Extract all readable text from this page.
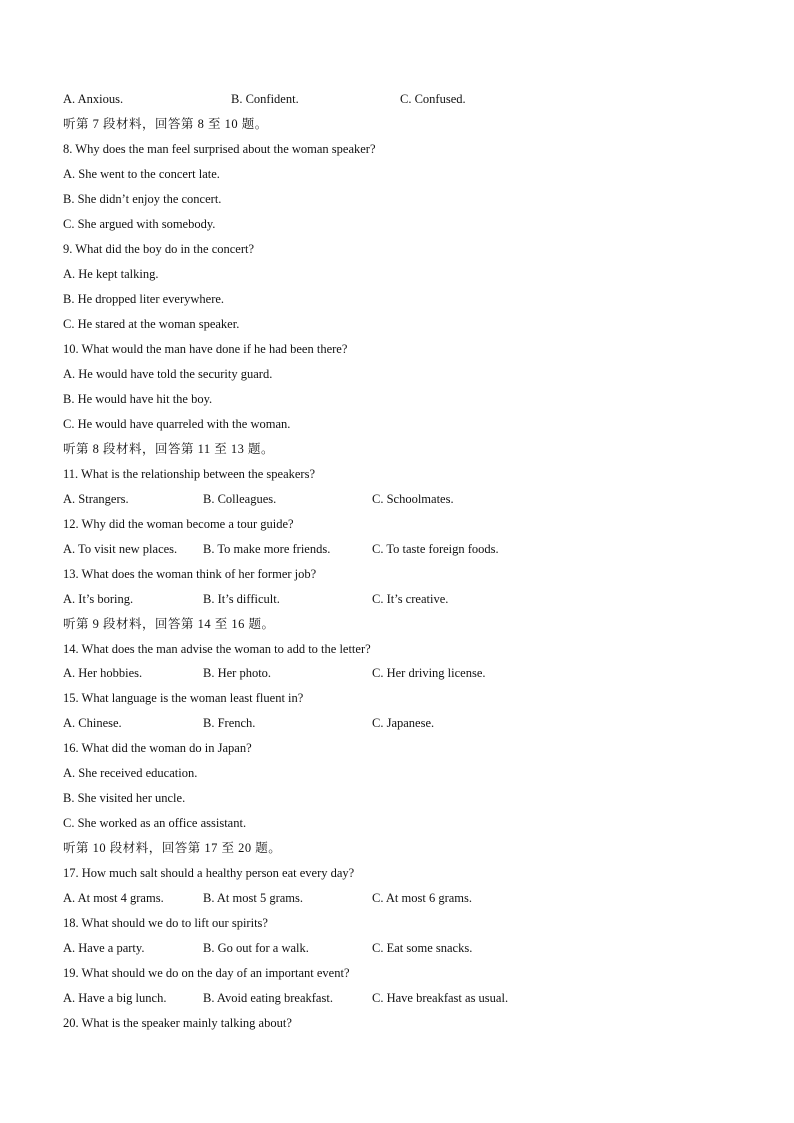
A. Anxious.	B. Confident.	C. Confused.
听第 7 段材料，回答第 8 至 10 题。
8. Why does the man feel surprised about the woman speaker?
A. She went to the concert late.
B. She didn’t enjoy the concert.
C. She argued with somebody.
9. What did the boy do in the concert?
A. He kept talking.
B. He dropped liter everywhere.
C. He stared at the woman speaker.
10. What would the man have done if he had been there?
A. He would have told the security guard.
B. He would have hit the boy.
C. He would have quarreled with the woman.
听第 8 段材料，回答第 11 至 13 题。
11. What is the relationship between the speakers?
A. Strangers.	B. Colleagues.	C. Schoolmates.
12. Why did the woman become a tour guide?
A. To visit new places. B. To make more friends.	C. To taste foreign foods.
13. What does the woman think of her former job?
A. It’s boring.	B. It’s difficult.	C. It’s creative.
听第 9 段材料，回答第 14 至 16 题。
14. What does the man advise the woman to add to the letter?
A. Her hobbies.	B. Her photo.	C. Her driving license.
15. What language is the woman least fluent in?
A. Chinese.	B. French.	C. Japanese.
16. What did the woman do in Japan?
A. She received education.
B. She visited her uncle.
C. She worked as an office assistant.
听第 10 段材料，回答第 17 至 20 题。
17. How much salt should a healthy person eat every day?
A. At most 4 grams.	B. At most 5 grams.	C. At most 6 grams.
18. What should we do to lift our spirits?
A. Have a party.	B. Go out for a walk.	C. Eat some snacks.
19. What should we do on the day of an important event?
A. Have a big lunch.	B. Avoid eating breakfast.	C. Have breakfast as usual.
20. What is the speaker mainly talking about?
